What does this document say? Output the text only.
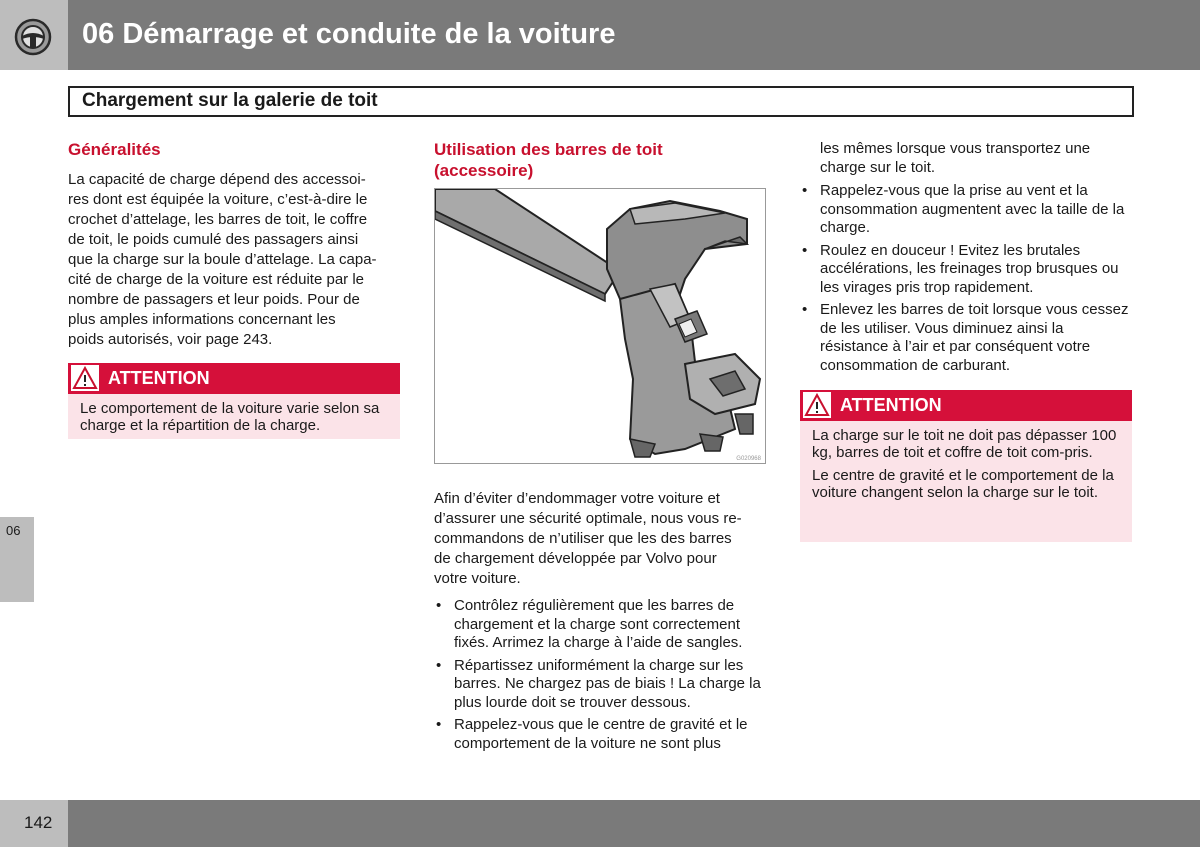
06 Démarrage et conduite de la voiture
Chargement sur la galerie de toit
Généralités
La capacité de charge dépend des accessoi-
res dont est équipée la voiture, c’est-à-dire le
crochet d’attelage, les barres de toit, le coffre
de toit, le poids cumulé des passagers ainsi
que la charge sur la boule d’attelage. La capa-
cité de charge de la voiture est réduite par le
nombre de passagers et leur poids. Pour de
plus amples informations concernant les
poids autorisés, voir page 243.
ATTENTION

Le comportement de la voiture varie selon sa charge et la répartition de la charge.

Utilisation des barres de toit
(accessoire)
G020968
Afin d’éviter d’endommager votre voiture et
d’assurer une sécurité optimale, nous vous re-
commandons de n’utiliser que les des barres
de chargement développée par Volvo pour
votre voiture.
• Contrôlez régulièrement que les barres de chargement et la charge sont correctement fixés. Arrimez la charge à l’aide de sangles.
• Répartissez uniformément la charge sur les barres. Ne chargez pas de biais ! La charge la plus lourde doit se trouver dessous.
• Rappelez-vous que le centre de gravité et le comportement de la voiture ne sont plus
les mêmes lorsque vous transportez une charge sur le toit.
• Rappelez-vous que la prise au vent et la consommation augmentent avec la taille de la charge.
• Roulez en douceur ! Evitez les brutales accélérations, les freinages trop brusques ou les virages pris trop rapidement.
• Enlevez les barres de toit lorsque vous cessez de les utiliser. Vous diminuez ainsi la résistance à l’air et par conséquent votre consommation de carburant.
ATTENTION

La charge sur le toit ne doit pas dépasser 100 kg, barres de toit et coffre de toit com-pris.

Le centre de gravité et le comportement de la voiture changent selon la charge sur le toit.

06
142
